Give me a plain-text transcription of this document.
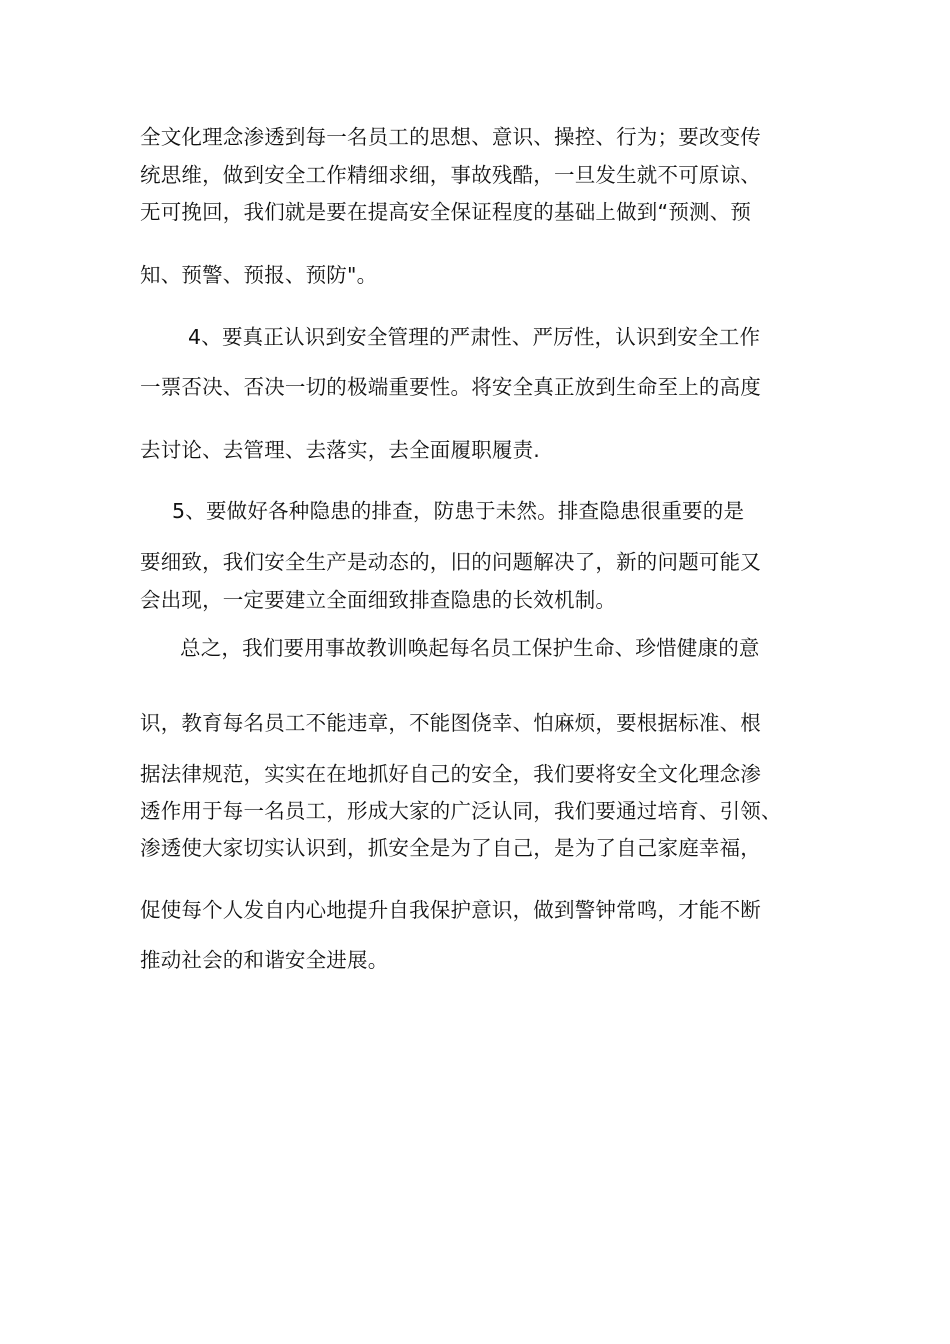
全文化理念渗透到每一名员工的思想、意识、操控、行为；要改变传
统思维，做到安全工作精细求细，事故残酷，一旦发生就不可原谅、
无可挽回，我们就是要在提高安全保证程度的基础上做到“预测、预
知、预警、预报、预防"。
4、要真正认识到安全管理的严肃性、严厉性，认识到安全工作
一票否决、否决一切的极端重要性。将安全真正放到生命至上的高度
去讨论、去管理、去落实，去全面履职履责.
5、要做好各种隐患的排查，防患于未然。排查隐患很重要的是
要细致，我们安全生产是动态的，旧的问题解决了，新的问题可能又
会出现，一定要建立全面细致排查隐患的长效机制。
总之，我们要用事故教训唤起每名员工保护生命、珍惜健康的意
识，教育每名员工不能违章，不能图侥幸、怕麻烦，要根据标准、根
据法律规范，实实在在地抓好自己的安全，我们要将安全文化理念渗
透作用于每一名员工，形成大家的广泛认同，我们要通过培育、引领、
渗透使大家切实认识到，抓安全是为了自己，是为了自己家庭幸福，
促使每个人发自内心地提升自我保护意识，做到警钟常鸣，才能不断
推动社会的和谐安全进展。
